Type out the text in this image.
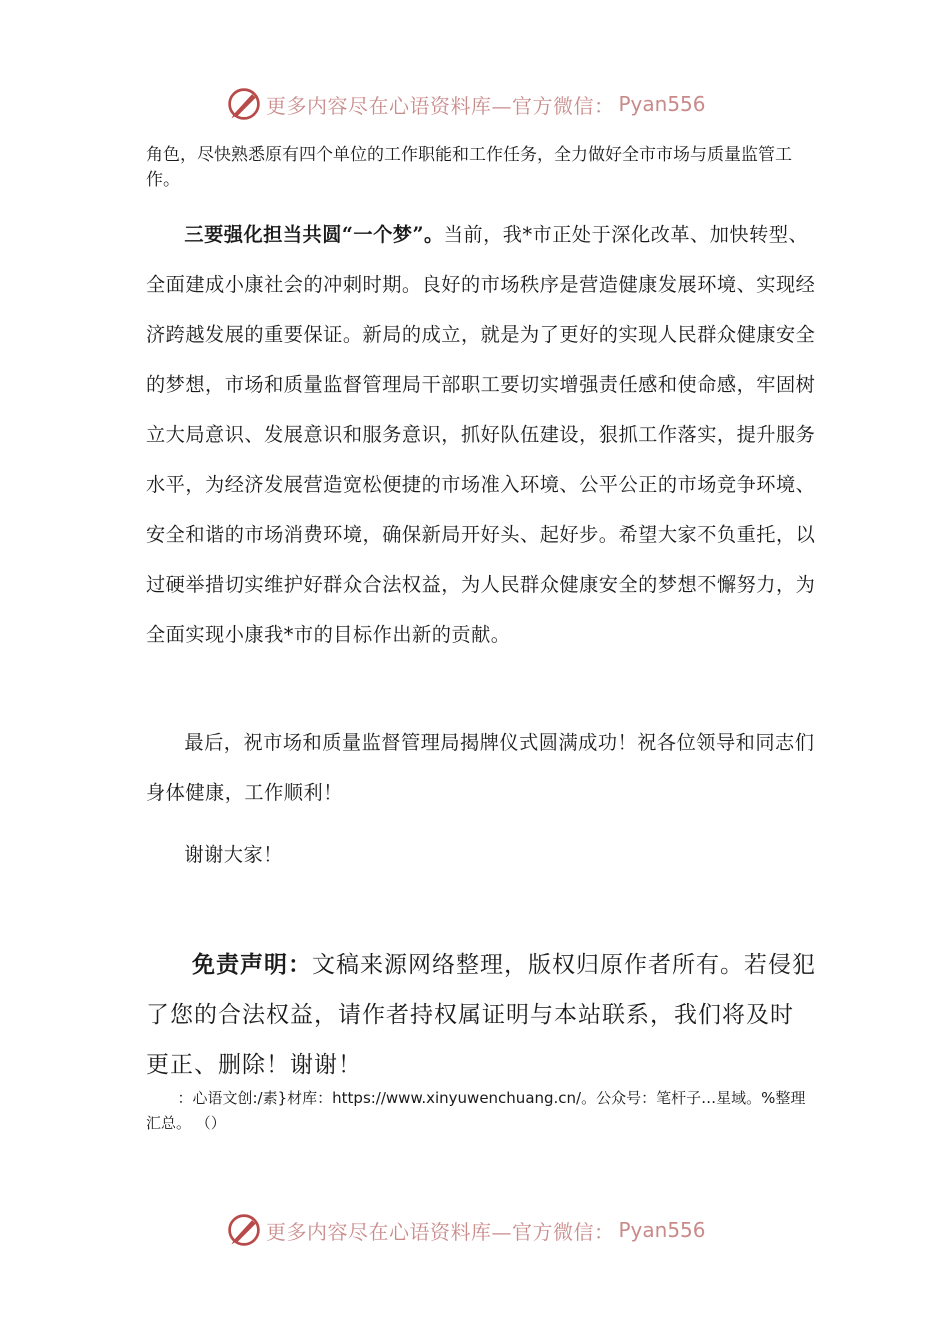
更多内容尽在心语资料库—官方微信： Pyan556

角色，尽快熟悉原有四个单位的工作职能和工作任务，全力做好全市市场与质量监管工作。

三要强化担当共圆“一个梦”。当前，我*市正处于深化改革、加快转型、全面建成小康社会的冲刺时期。良好的市场秩序是营造健康发展环境、实现经济跨越发展的重要保证。新局的成立，就是为了更好的实现人民群众健康安全的梦想，市场和质量监督管理局干部职工要切实增强责任感和使命感，牢固树立大局意识、发展意识和服务意识，抓好队伍建设，狠抓工作落实，提升服务水平，为经济发展营造宽松便捷的市场准入环境、公平公正的市场竞争环境、安全和谐的市场消费环境，确保新局开好头、起好步。希望大家不负重托，以过硬举措切实维护好群众合法权益，为人民群众健康安全的梦想不懈努力，为全面实现小康我*市的目标作出新的贡献。

最后，祝市场和质量监督管理局揭牌仪式圆满成功！祝各位领导和同志们身体健康，工作顺利！

谢谢大家！

免责声明：文稿来源网络整理，版权归原作者所有。若侵犯了您的合法权益，请作者持权属证明与本站联系，我们将及时更正、删除！谢谢！

：心语文创:/素}材库：https://www.xinyuwenchuang.cn/。公众号：笔杆子…星域。%整理汇总。 （）

更多内容尽在心语资料库—官方微信： Pyan556
